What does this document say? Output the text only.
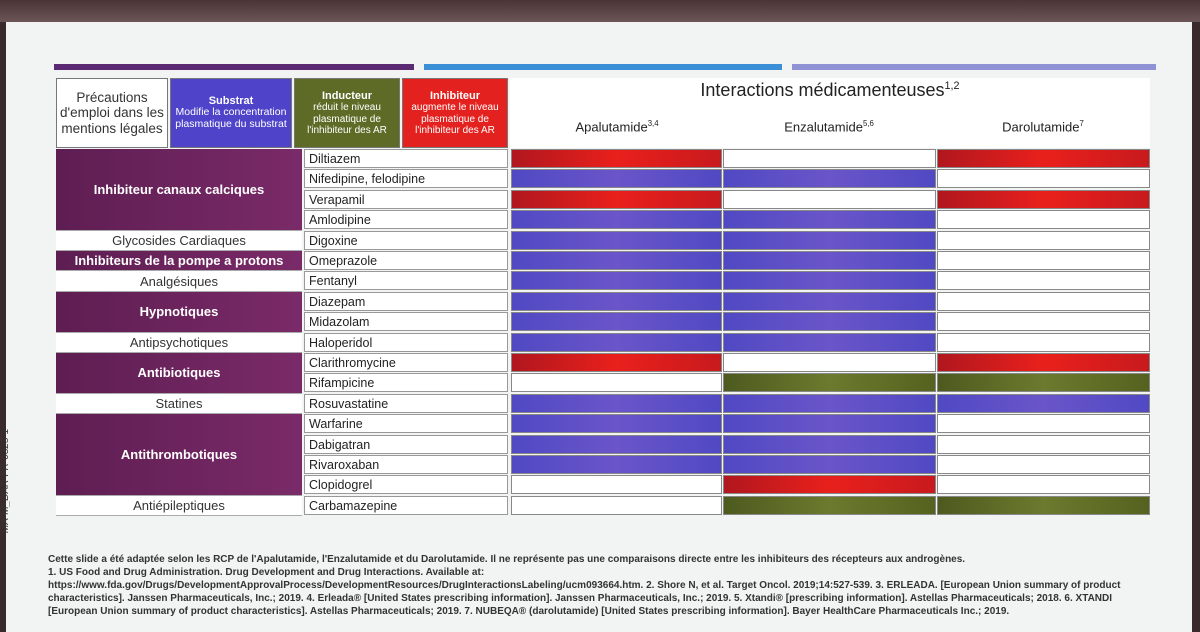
Précautions d'emploi dans les mentions légales
Substrat
Modifie la concentration plasmatique du substrat
Inducteur
réduit le niveau plasmatique de l'inhibiteur des AR
Inhibiteur
augmente le niveau plasmatique de l'inhibiteur des AR
Interactions médicamenteuses$^{1,2}$
Apalutamide$^{3,4}$	Enzalutamide$^{5,6}$	Darolutamide$^7$
Inhibiteur canaux calciques
Glycosides Cardiaques
Inhibiteurs de la pompe a protons
Analgésiques
Hypnotiques
Antipsychotiques
Antibiotiques
Statines
Antithrombotiques
Antiépileptiques
Diltiazem
Nifedipine, felodipine
Verapamil
Amlodipine
Digoxine
Omeprazole
Fentanyl
Diazepam
Midazolam
Haloperidol
Clarithromycine
Rifampicine
Rosuvastatine
Warfarine
Dabigatran
Rivaroxaban
Clopidogrel
Carbamazepine
MA-M_DAR-FR-0325-1

Cette slide a été adaptée selon les RCP de l'Apalutamide, l'Enzalutamide et du Darolutamide. Il ne représente pas une comparaisons directe entre les inhibiteurs des récepteurs aux androgènes.

1. US Food and Drug Administration. Drug Development and Drug Interactions. Available at:

https://www.fda.gov/Drugs/DevelopmentApprovalProcess/DevelopmentResources/DrugInteractionsLabeling/ucm093664.htm. 2. Shore N, et al. Target Oncol. 2019;14:527-539. 3. ERLEADA. [European Union summary of product characteristics]. Janssen Pharmaceuticals, Inc.; 2019. 4. Erleada® [United States prescribing information]. Janssen Pharmaceuticals, Inc.; 2019. 5. Xtandi® [prescribing information]. Astellas Pharmaceuticals; 2018. 6. XTANDI [European Union summary of product characteristics]. Astellas Pharmaceuticals; 2019. 7. NUBEQA® (darolutamide) [United States prescribing information]. Bayer HealthCare Pharmaceuticals Inc.; 2019.
